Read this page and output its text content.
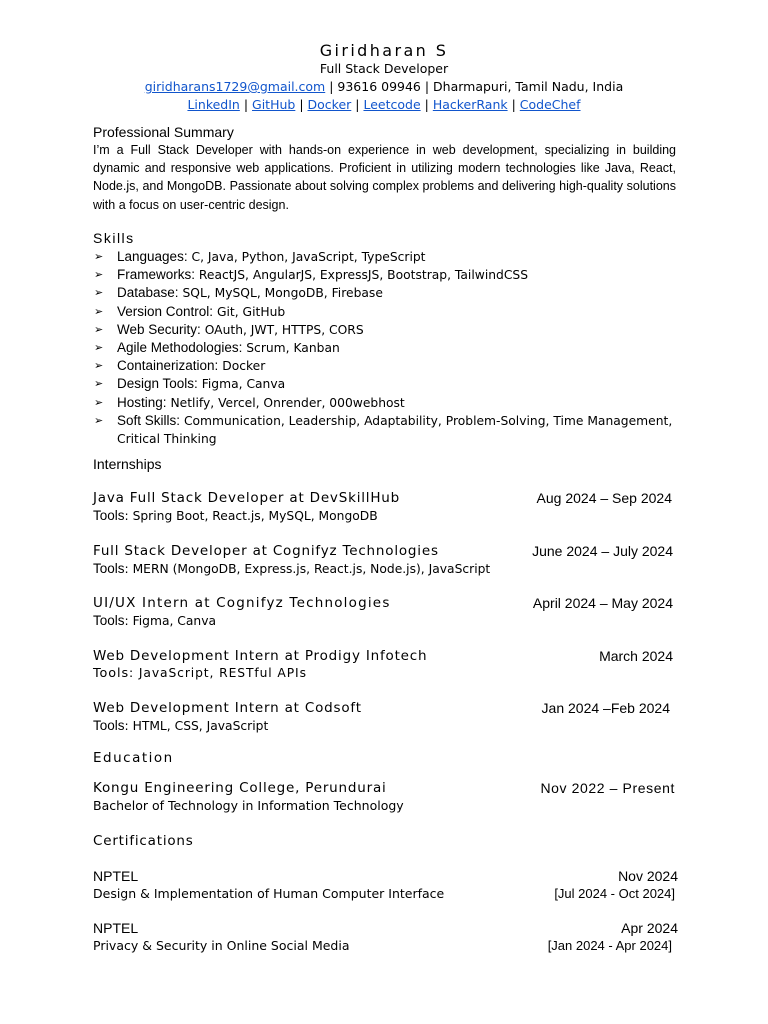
Giridharan S
Full Stack Developer
giridharans1729@gmail.com | 93616 09946 | Dharmapuri, Tamil Nadu, India
LinkedIn | GitHub | Docker | Leetcode | HackerRank | CodeChef
Professional Summary
I’m a Full Stack Developer with hands-on experience in web development, specializing in building dynamic and responsive web applications. Proficient in utilizing modern technologies like Java, React, Node.js, and MongoDB. Passionate about solving complex problems and delivering high-quality solutions with a focus on user-centric design.
Skills
➢ Languages: C, Java, Python, JavaScript, TypeScript
➢ Frameworks: ReactJS, AngularJS, ExpressJS, Bootstrap, TailwindCSS
➢ Database: SQL, MySQL, MongoDB, Firebase
➢ Version Control: Git, GitHub
➢ Web Security: OAuth, JWT, HTTPS, CORS
➢ Agile Methodologies: Scrum, Kanban
➢ Containerization: Docker
➢ Design Tools: Figma, Canva
➢ Hosting: Netlify, Vercel, Onrender, 000webhost
➢ Soft Skills: Communication, Leadership, Adaptability, Problem-Solving, Time Management, Critical Thinking
Internships
Java Full Stack Developer at DevSkillHub	Aug 2024 – Sep 2024
Tools: Spring Boot, React.js, MySQL, MongoDB
Full Stack Developer at Cognifyz Technologies	June 2024 – July 2024
Tools: MERN (MongoDB, Express.js, React.js, Node.js), JavaScript
UI/UX Intern at Cognifyz Technologies	April 2024 – May 2024
Tools: Figma, Canva
Web Development Intern at Prodigy Infotech	March 2024
Tools: JavaScript, RESTful APIs
Web Development Intern at Codsoft	Jan 2024 –Feb 2024
Tools: HTML, CSS, JavaScript
Education
Kongu Engineering College, Perundurai	Nov 2022 – Present
Bachelor of Technology in Information Technology
Certifications
NPTEL	Nov 2024
Design & Implementation of Human Computer Interface	[Jul 2024 - Oct 2024]
NPTEL	Apr 2024
Privacy & Security in Online Social Media	[Jan 2024 - Apr 2024]
